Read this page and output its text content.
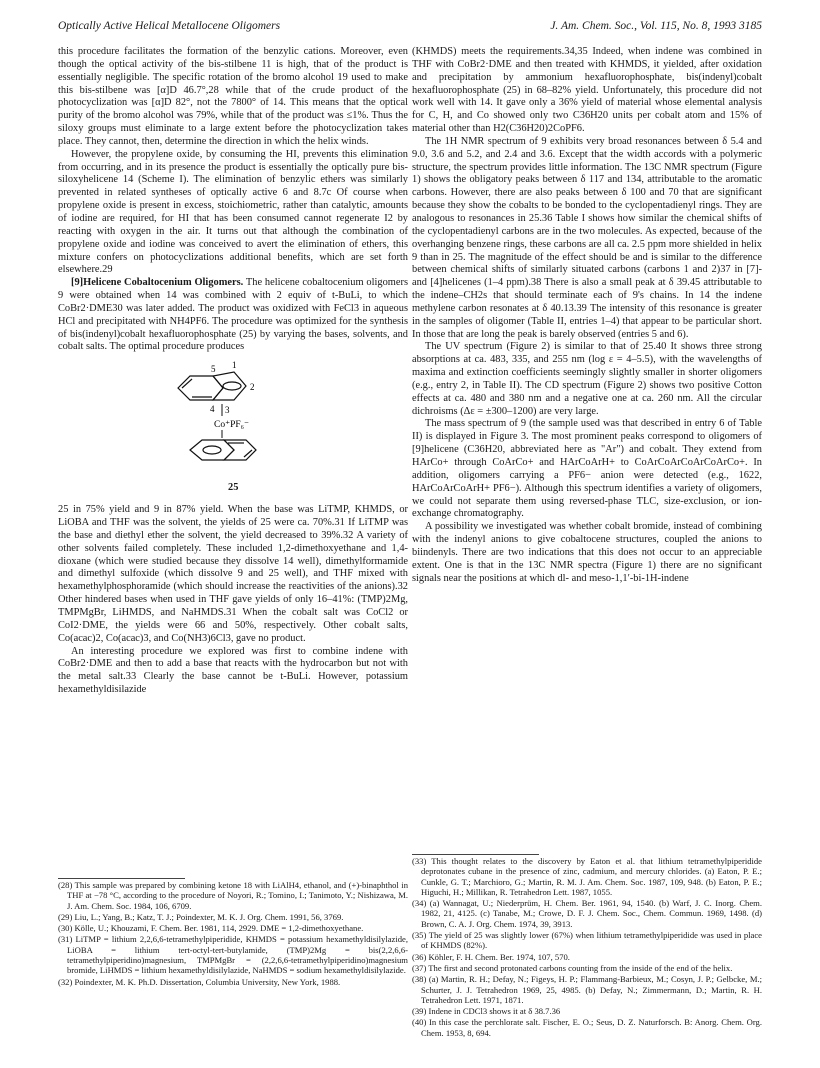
Optically Active Helical Metallocene Oligomers	J. Am. Chem. Soc., Vol. 115, No. 8, 1993 3185

this procedure facilitates the formation of the benzylic cations. Moreover, even though the optical activity of the bis-stilbene 11 is high, that of the product is essentially negligible. The specific rotation of the bromo alcohol 19 used to make this bis-stilbene was [α]D 46.7°,28 while that of the crude product of the photocyclization was [α]D 82°, not the 7800° of 14. This means that the optical purity of the bromo alcohol was 79%, while that of the product was ≤1%. Thus the siloxy groups must eliminate to a large extent before the photocyclization takes place. They cannot, then, determine the direction in which the helix winds.

However, the propylene oxide, by consuming the HI, prevents this elimination from occurring, and in its presence the product is essentially the optically pure bis-siloxyhelicene 14 (Scheme I). The elimination of benzylic ethers was similarly prevented in related syntheses of optically active 6 and 8.7c Of course when propylene oxide is present in excess, stoichiometric, rather than catalytic, amounts of iodine are required, for HI that has been consumed cannot regenerate I2 by reacting with oxygen in the air. It turns out that although the combination of propylene oxide and iodine was conceived to avert the elimination of ethers, this mixture confers on photocyclizations additional benefits, which are set forth elsewhere.29

[9]Helicene Cobaltocenium Oligomers. The helicene cobaltocenium oligomers 9 were obtained when 14 was combined with 2 equiv of t-BuLi, to which CoBr2·DME30 was later added. The product was oxidized with FeCl3 in aqueous HCl and precipitated with NH4PF6. The procedure was optimized for the synthesis of bis(indenyl)cobalt hexafluorophosphate (25) by varying the bases, solvents, and cobalt salts. The optimal procedure produces

1
5
2
4 3
Co⁺PF₆⁻
25

25 in 75% yield and 9 in 87% yield. When the base was LiTMP, KHMDS, or LiOBA and THF was the solvent, the yields of 25 were ca. 70%.31 If LiTMP was the base and diethyl ether the solvent, the yield decreased to 39%.32 A variety of other solvents failed completely. These included 1,2-dimethoxyethane and 1,4-dioxane (which were studied because they dissolve 14 well), dimethylformamide and dimethyl sulfoxide (which dissolve 9 and 25 well), and THF mixed with hexamethylphosphoramide (which should increase the reactivities of the anions).32 Other hindered bases when used in THF gave yields of only 16–41%: (TMP)2Mg, TMPMgBr, LiHMDS, and NaHMDS.31 When the cobalt salt was CoCl2 or CoI2·DME, the yields were 66 and 50%, respectively. Other cobalt salts, Co(acac)2, Co(acac)3, and Co(NH3)6Cl3, gave no product.

An interesting procedure we explored was first to combine indene with CoBr2·DME and then to add a base that reacts with the hydrocarbon but not with the metal salt.33 Clearly the base cannot be t-BuLi. However, potassium hexamethyldisilazide

(KHMDS) meets the requirements.34,35 Indeed, when indene was combined in THF with CoBr2·DME and then treated with KHMDS, it yielded, after oxidation and precipitation by ammonium hexafluorophosphate, bis(indenyl)cobalt hexafluorophosphate (25) in 68–82% yield. Unfortunately, this procedure did not work well with 14. It gave only a 36% yield of material whose elemental analysis for C, H, and Co showed only two C36H20 units per cobalt atom and 15% of material other than H2(C36H20)2CoPF6.

The 1H NMR spectrum of 9 exhibits very broad resonances between δ 5.4 and 9.0, 3.6 and 5.2, and 2.4 and 3.6. Except that the width accords with a polymeric structure, the spectrum provides little information. The 13C NMR spectrum (Figure 1) shows the obligatory peaks between δ 117 and 134, attributable to the aromatic carbons. However, there are also peaks between δ 100 and 70 that are significant because they show the cobalts to be bonded to the cyclopentadienyl rings. They are analogous to resonances in 25.36 Table I shows how similar the chemical shifts of the cyclopentadienyl carbons are in the two molecules. As expected, because of the overhanging benzene rings, these carbons are all ca. 2.5 ppm more shielded in helix 9 than in 25. The magnitude of the effect should be and is similar to the difference between chemical shifts of similarly situated carbons (carbons 1 and 2)37 in [7]- and [4]helicenes (1–4 ppm).38 There is also a small peak at δ 39.45 attributable to the indene–CH2s that should terminate each of 9's chains. In 14 the indene methylene carbon resonates at δ 40.13.39 The intensity of this resonance is greater in the samples of oligomer (Table II, entries 1–4) that appear to be particular short. In those that are long the peak is barely observed (entries 5 and 6).

The UV spectrum (Figure 2) is similar to that of 25.40 It shows three strong absorptions at ca. 483, 335, and 255 nm (log ε = 4–5.5), with the wavelengths of maxima and extinction coefficients seemingly slightly smaller in shorter oligomers (e.g., entry 2, in Table II). The CD spectrum (Figure 2) shows two positive Cotton effects at ca. 480 and 380 nm and a negative one at ca. 260 nm. All the circular dichroisms (Δε = ±300–1200) are very large.

The mass spectrum of 9 (the sample used was that described in entry 6 of Table II) is displayed in Figure 3. The most prominent peaks correspond to oligomers of [9]helicene (C36H20, abbreviated here as "Ar") and cobalt. They extend from HArCo+ through CoArCo+ and HArCoArH+ to CoArCoArCoArCoArCo+. In addition, oligomers carrying a PF6− anion were detected (e.g., 1622, HArCoArCoArH+ PF6−). Although this spectrum identifies a variety of oligomers, we could not separate them using reversed-phase TLC, size-exclusion, or ion-exchange chromatography.

A possibility we investigated was whether cobalt bromide, instead of combining with the indenyl anions to give cobaltocene structures, coupled the anions to biindenyls. There are two indications that this does not occur to an appreciable extent. One is that in the 13C NMR spectra (Figure 1) there are no significant signals near the positions at which dl- and meso-1,1′-bi-1H-indene

(28) This sample was prepared by combining ketone 18 with LiAlH4, ethanol, and (+)-binaphthol in THF at −78 °C, according to the procedure of Noyori, R.; Tomino, I.; Tanimoto, Y.; Nishizawa, M. J. Am. Chem. Soc. 1984, 106, 6709.
(29) Liu, L.; Yang, B.; Katz, T. J.; Poindexter, M. K. J. Org. Chem. 1991, 56, 3769.
(30) Kölle, U.; Khouzami, F. Chem. Ber. 1981, 114, 2929. DME = 1,2-dimethoxyethane.
(31) LiTMP = lithium 2,2,6,6-tetramethylpiperidide, KHMDS = potassium hexamethyldisilylazide, LiOBA = lithium tert-octyl-tert-butylamide, (TMP)2Mg = bis(2,2,6,6-tetramethylpiperidino)magnesium, TMPMgBr = (2,2,6,6-tetramethylpiperidino)magnesium bromide, LiHMDS = lithium hexamethyldisilylazide, NaHMDS = sodium hexamethyldisilylazide.
(32) Poindexter, M. K. Ph.D. Dissertation, Columbia University, New York, 1988.
(33) This thought relates to the discovery by Eaton et al. that lithium tetramethylpiperidide deprotonates cubane in the presence of zinc, cadmium, and mercury chlorides. (a) Eaton, P. E.; Cunkle, G. T.; Marchioro, G.; Martin, R. M. J. Am. Chem. Soc. 1987, 109, 948. (b) Eaton, P. E.; Higuchi, H.; Millikan, R. Tetrahedron Lett. 1987, 1055.
(34) (a) Wannagat, U.; Niederprüm, H. Chem. Ber. 1961, 94, 1540. (b) Warf, J. C. Inorg. Chem. 1982, 21, 4125. (c) Tanabe, M.; Crowe, D. F. J. Chem. Soc., Chem. Commun. 1969, 1498. (d) Brown, C. A. J. Org. Chem. 1974, 39, 3913.
(35) The yield of 25 was slightly lower (67%) when lithium tetramethylpiperidide was used in place of KHMDS (82%).
(36) Köhler, F. H. Chem. Ber. 1974, 107, 570.
(37) The first and second protonated carbons counting from the inside of the end of the helix.
(38) (a) Martin, R. H.; Defay, N.; Figeys, H. P.; Flammang-Barbieux, M.; Cosyn, J. P.; Gelbcke, M.; Schurter, J. J. Tetrahedron 1969, 25, 4985. (b) Defay, N.; Zimmermann, D.; Martin, R. H. Tetrahedron Lett. 1971, 1871.
(39) Indene in CDCl3 shows it at δ 38.7.36
(40) In this case the perchlorate salt. Fischer, E. O.; Seus, D. Z. Naturforsch. B: Anorg. Chem. Org. Chem. 1953, 8, 694.
